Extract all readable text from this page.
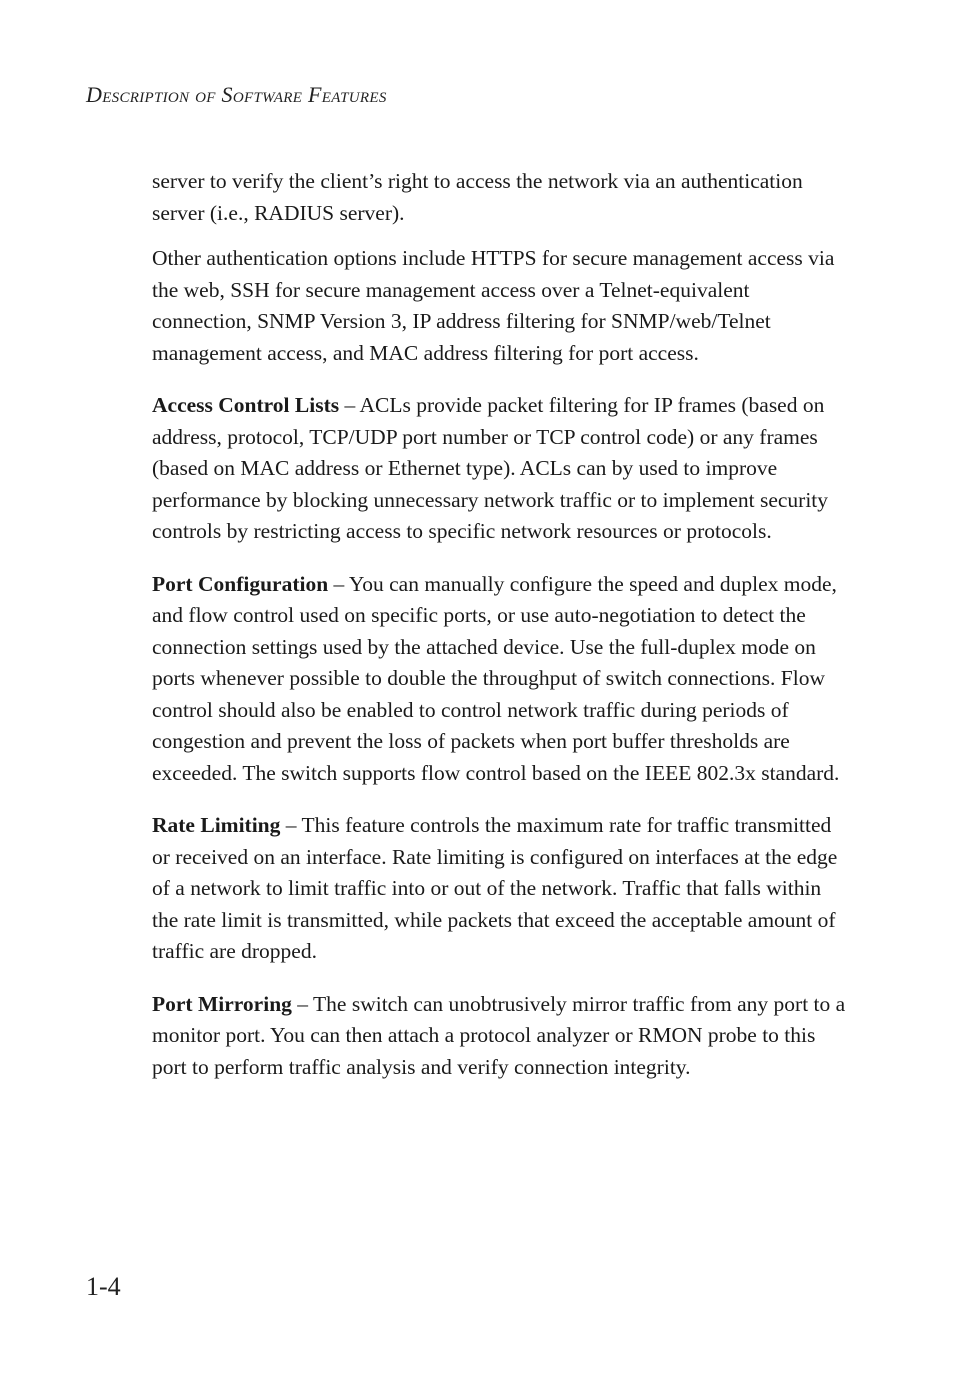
Description of Software Features

server to verify the client’s right to access the network via an authentication server (i.e., RADIUS server).

Other authentication options include HTTPS for secure management access via the web, SSH for secure management access over a Telnet-equivalent connection, SNMP Version 3, IP address filtering for SNMP/web/Telnet management access, and MAC address filtering for port access.

Access Control Lists – ACLs provide packet filtering for IP frames (based on address, protocol, TCP/UDP port number or TCP control code) or any frames (based on MAC address or Ethernet type). ACLs can by used to improve performance by blocking unnecessary network traffic or to implement security controls by restricting access to specific network resources or protocols.

Port Configuration – You can manually configure the speed and duplex mode, and flow control used on specific ports, or use auto-negotiation to detect the connection settings used by the attached device. Use the full-duplex mode on ports whenever possible to double the throughput of switch connections. Flow control should also be enabled to control network traffic during periods of congestion and prevent the loss of packets when port buffer thresholds are exceeded. The switch supports flow control based on the IEEE 802.3x standard.

Rate Limiting – This feature controls the maximum rate for traffic transmitted or received on an interface. Rate limiting is configured on interfaces at the edge of a network to limit traffic into or out of the network. Traffic that falls within the rate limit is transmitted, while packets that exceed the acceptable amount of traffic are dropped.

Port Mirroring – The switch can unobtrusively mirror traffic from any port to a monitor port. You can then attach a protocol analyzer or RMON probe to this port to perform traffic analysis and verify connection integrity.

1-4
